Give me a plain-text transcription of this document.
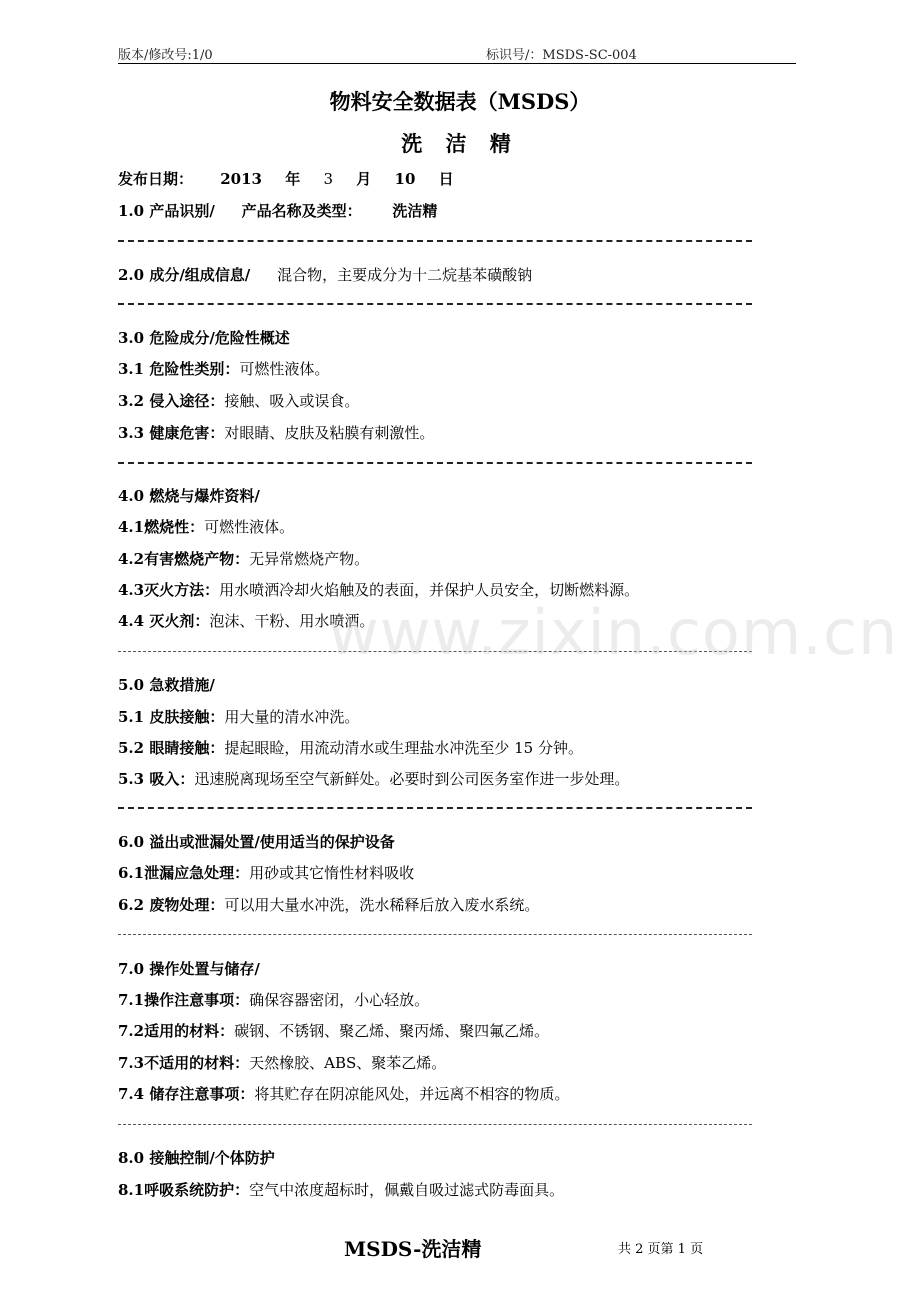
版本/修改号:1/0	标识号/：MSDS-SC-004
物料安全数据表（MSDS）
洗 洁 精
发布日期： 2013 年 3 月 10 日
1.0 产品识别/ 产品名称及类型： 洗洁精
2.0 成分/组成信息/ 混合物，主要成分为十二烷基苯磺酸钠
3.0 危险成分/危险性概述
3.1 危险性类别：可燃性液体。
3.2 侵入途径：接触、吸入或误食。
3.3 健康危害：对眼睛、皮肤及粘膜有刺激性。
4.0 燃烧与爆炸资料/
4.1燃烧性：可燃性液体。
4.2有害燃烧产物：无异常燃烧产物。
4.3灭火方法：用水喷洒冷却火焰触及的表面，并保护人员安全，切断燃料源。
4.4 灭火剂：泡沫、干粉、用水喷洒。
5.0 急救措施/
5.1 皮肤接触：用大量的清水冲洗。
5.2 眼睛接触：提起眼睑，用流动清水或生理盐水冲洗至少 15 分钟。
5.3 吸入：迅速脱离现场至空气新鲜处。必要时到公司医务室作进一步处理。
6.0 溢出或泄漏处置/使用适当的保护设备
6.1泄漏应急处理：用砂或其它惰性材料吸收
6.2 废物处理：可以用大量水冲洗，洗水稀释后放入废水系统。
7.0 操作处置与储存/
7.1操作注意事项：确保容器密闭，小心轻放。
7.2适用的材料：碳钢、不锈钢、聚乙烯、聚丙烯、聚四氟乙烯。
7.3不适用的材料：天然橡胶、ABS、聚苯乙烯。
7.4 储存注意事项：将其贮存在阴凉能风处，并远离不相容的物质。
8.0 接触控制/个体防护
8.1呼吸系统防护：空气中浓度超标时，佩戴自吸过滤式防毒面具。
www.zixin.com.cn
MSDS-洗洁精	共 2 页第 1 页
